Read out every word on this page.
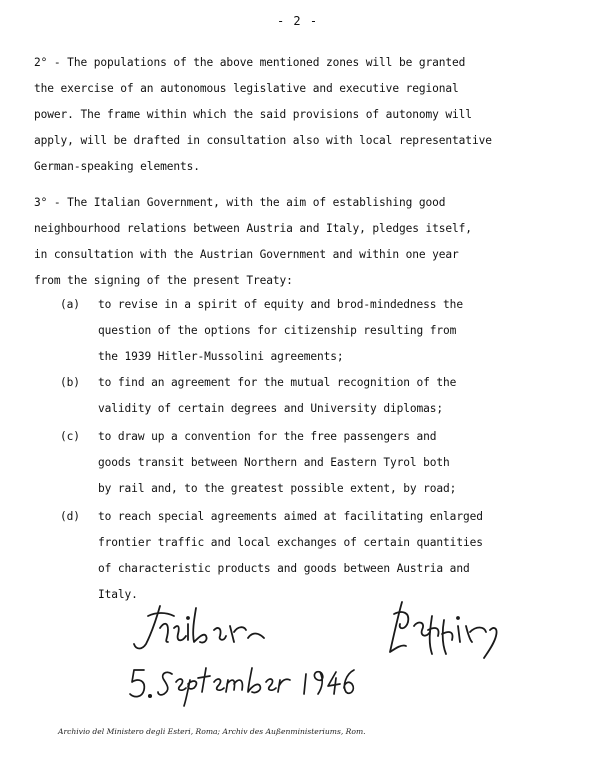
- 2 -
2° - The populations of the above mentioned zones will be granted
the exercise of an autonomous legislative and executive regional
power. The frame within which the said provisions of autonomy will
apply, will be drafted in consultation also with local representative
German-speaking elements.
3° - The Italian Government, with the aim of establishing good
neighbourhood relations between Austria and Italy, pledges itself,
in consultation with the Austrian Government and within one year
from the signing of the present Treaty:
(a) to revise in a spirit of equity and brod-mindedness the
question of the options for citizenship resulting from
the 1939 Hitler-Mussolini agreements;
(b) to find an agreement for the mutual recognition of the
validity of certain degrees and University diplomas;
(c) to draw up a convention for the free passengers and
goods transit between Northern and Eastern Tyrol both
by rail and, to the greatest possible extent, by road;
(d) to reach special agreements aimed at facilitating enlarged
frontier traffic and local exchanges of certain quantities
of characteristic products and goods between Austria and
Italy.
Archivio del Ministero degli Esteri, Roma; Archiv des Außenministeriums, Rom.
